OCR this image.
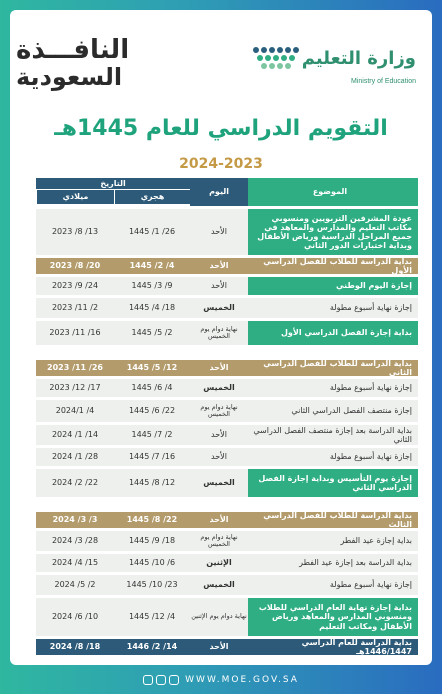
النافـــذة
السعودية
وزارة التعليم
Ministry of Education
التقويم الدراسي للعام 1445هـ
2024-2023
الموضوع
اليوم
التاريخ
هجري
ميلادي
عودة المشرفين التربويين ومنسوبي مكاتب التعليم والمدارس والمعاهد في جميع المراحل الدراسية ورياض الأطفال وبداية اختبارات الدور الثاني
الأحد
1445 /1 /26
2023 /8 /13
بداية الدراسة للطلاب للفصل الدراسي الأول
الأحد
1445 /2 /4
2023 /8 /20
إجازة اليوم الوطني
الأحد
1445 /3 /9
2023 /9 /24
إجازة نهاية أسبوع مطولة
الخميس
1445 /4 /18
2023 /11 /2
بداية إجازة الفصل الدراسي الأول
نهاية دوام يوم الخميس
1445 /5 /2
2023 /11 /16
بداية الدراسة للطلاب للفصل الدراسي الثاني
الأحد
1445 /5 /12
2023 /11 /26
إجازة نهاية أسبوع مطولة
الخميس
1445 /6 /4
2023 /12 /17
إجازة منتصف الفصل الدراسي الثاني
نهاية دوام يوم الخميس
1445 /6 /22
2024/1 /4
بداية الدراسة بعد إجازة منتصف الفصل الدراسي الثاني
الأحد
1445 /7 /2
2024 /1 /14
إجازة نهاية أسبوع مطولة
الأحد
1445 /7 /16
2024 /1 /28
إجازة يوم التأسيس وبداية إجازة الفصل الدراسي الثاني
الخميس
1445 /8 /12
2024 /2 /22
بداية الدراسة للطلاب للفصل الدراسي الثالث
الأحد
1445 /8 /22
2024 /3 /3
بداية إجازة عيد الفطر
نهاية دوام يوم الخميس
1445 /9 /18
2024 /3 /28
بداية الدراسة بعد إجازة عيد الفطر
الإثنين
1445 /10 /6
2024 /4 /15
إجازة نهاية أسبوع مطولة
الخميس
1445 /10 /23
2024 /5 /2
بداية إجازة نهاية العام الدراسي للطلاب ومنسوبي المدارس والمعاهد ورياض الأطفال ومكاتب التعليم
نهاية دوام يوم الإثنين
1445 /12 /4
2024 /6 /10
بداية الدراسة للعام الدراسي 1446/1447هـ
الأحد
1446 /2 /14
2024 /8 /18
WWW.MOE.GOV.SA
